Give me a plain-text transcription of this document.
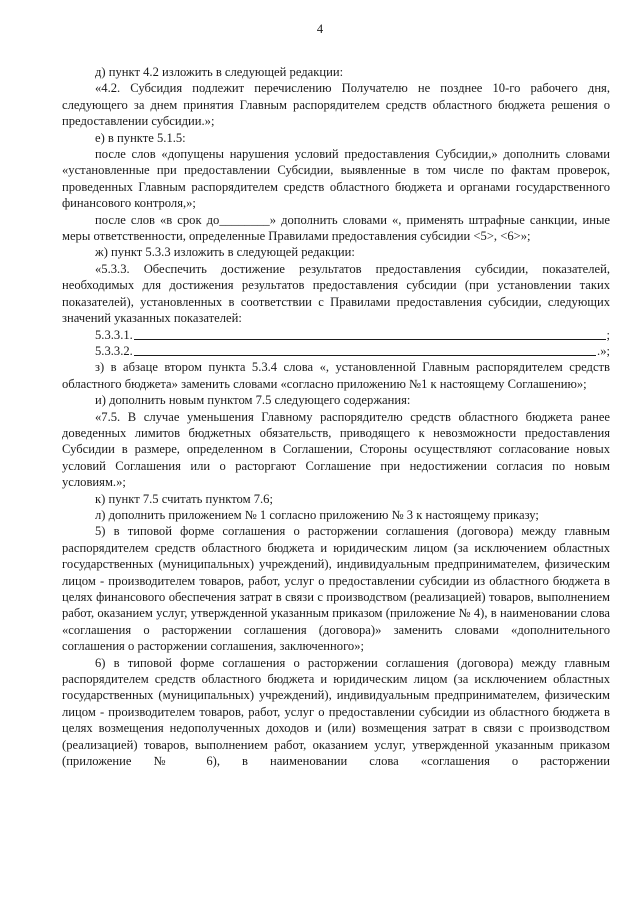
4

д) пункт 4.2 изложить в следующей редакции:

«4.2. Субсидия подлежит перечислению Получателю не позднее 10-го рабочего дня, следующего за днем принятия Главным распорядителем средств областного бюджета решения о предоставлении субсидии.»;

е) в пункте 5.1.5:

после слов «допущены нарушения условий предоставления Субсидии,» дополнить словами «установленные при предоставлении Субсидии, выявленные в том числе по фактам проверок, проведенных Главным распорядителем средств областного бюджета и органами государственного финансового контроля,»;

после слов «в срок до________» дополнить словами «, применять штрафные санкции, иные меры ответственности, определенные Правилами предоставления субсидии <5>, <6>»;

ж) пункт 5.3.3 изложить в следующей редакции:

«5.3.3. Обеспечить достижение результатов предоставления субсидии, показателей, необходимых для достижения результатов предоставления субсидии (при установлении таких показателей), установленных в соответствии с Правилами предоставления субсидии, следующих значений указанных показателей:

5.3.3.1.	;
5.3.3.2.	.»;

з) в абзаце втором пункта 5.3.4 слова «, установленной Главным распорядителем средств областного бюджета» заменить словами «согласно приложению №1 к настоящему Соглашению»;

и) дополнить новым пунктом 7.5 следующего содержания:

«7.5. В случае уменьшения Главному распорядителю средств областного бюджета ранее доведенных лимитов бюджетных обязательств, приводящего к невозможности предоставления Субсидии в размере, определенном в Соглашении, Стороны осуществляют согласование новых условий Соглашения или о расторгают Соглашение при недостижении согласия по новым условиям.»;

к) пункт 7.5 считать пунктом 7.6;

л) дополнить приложением № 1 согласно приложению № 3 к настоящему приказу;

5) в типовой форме соглашения о расторжении соглашения (договора) между главным распорядителем средств областного бюджета и юридическим лицом (за исключением областных государственных (муниципальных) учреждений), индивидуальным предпринимателем, физическим лицом - производителем товаров, работ, услуг о предоставлении субсидии из областного бюджета в целях финансового обеспечения затрат в связи с производством (реализацией) товаров, выполнением работ, оказанием услуг, утвержденной указанным приказом (приложение № 4), в наименовании слова «соглашения о расторжении соглашения (договора)» заменить словами «дополнительного соглашения о расторжении соглашения, заключенного»;

6) в типовой форме соглашения о расторжении соглашения (договора) между главным распорядителем средств областного бюджета и юридическим лицом (за исключением областных государственных (муниципальных) учреждений), индивидуальным предпринимателем, физическим лицом - производителем товаров, работ, услуг о предоставлении субсидии из областного бюджета в целях возмещения недополученных доходов и (или) возмещения затрат в связи с производством (реализацией) товаров, выполнением работ, оказанием услуг, утвержденной указанным приказом (приложение № 6), в наименовании слова «соглашения о расторжении
